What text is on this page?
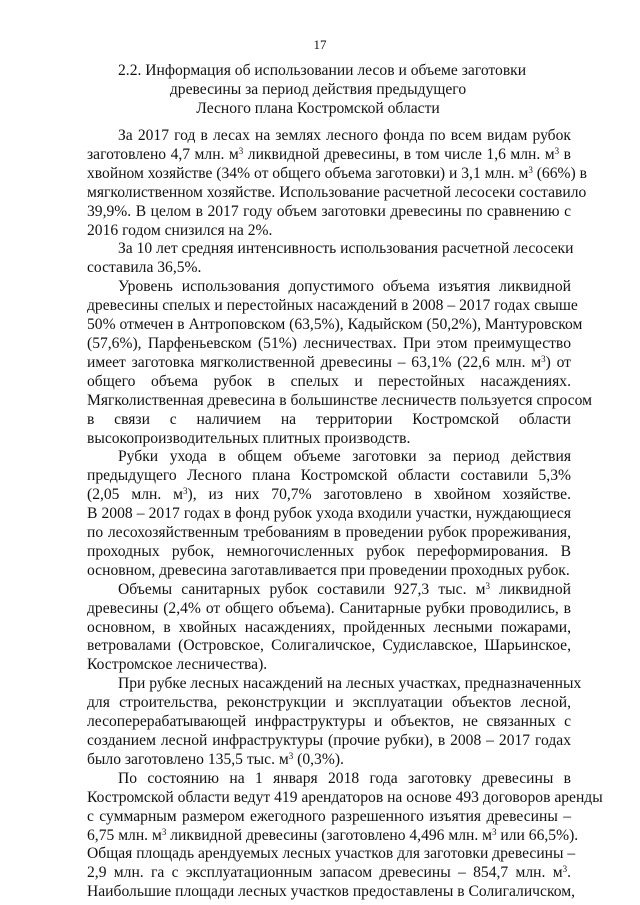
17
2.2. Информация об использовании лесов и объеме заготовки
древесины за период действия предыдущего
Лесного плана Костромской области

За 2017 год в лесах на землях лесного фонда по всем видам рубок
заготовлено 4,7 млн. $м^3$ ликвидной древесины, в том числе 1,6 млн. $м^3$ в
хвойном хозяйстве (34% от общего объема заготовки) и 3,1 млн. $м^3$ (66%) в
мягколиственном хозяйстве. Использование расчетной лесосеки составило
39,9%. В целом в 2017 году объем заготовки древесины по сравнению с
2016 годом снизился на 2%.

За 10 лет средняя интенсивность использования расчетной лесосеки
составила 36,5%.

Уровень использования допустимого объема изъятия ликвидной
древесины спелых и перестойных насаждений в 2008 – 2017 годах свыше
50% отмечен в Антроповском (63,5%), Кадыйском (50,2%), Мантуровском
(57,6%), Парфеньевском (51%) лесничествах. При этом преимущество
имеет заготовка мягколиственной древесины – 63,1% (22,6 млн. $м^3$) от
общего объема рубок в спелых и перестойных насаждениях.
Мягколиственная древесина в большинстве лесничеств пользуется спросом
в связи с наличием на территории Костромской области
высокопроизводительных плитных производств.

Рубки ухода в общем объеме заготовки за период действия
предыдущего Лесного плана Костромской области составили 5,3%
(2,05 млн. $м^3$), из них 70,7% заготовлено в хвойном хозяйстве.
В 2008 – 2017 годах в фонд рубок ухода входили участки, нуждающиеся
по лесохозяйственным требованиям в проведении рубок прореживания,
проходных рубок, немногочисленных рубок переформирования. В
основном, древесина заготавливается при проведении проходных рубок.

Объемы санитарных рубок составили 927,3 тыс. $м^3$ ликвидной
древесины (2,4% от общего объема). Санитарные рубки проводились, в
основном, в хвойных насаждениях, пройденных лесными пожарами,
ветровалами (Островское, Солигаличское, Судиславское, Шарьинское,
Костромское лесничества).

При рубке лесных насаждений на лесных участках, предназначенных
для строительства, реконструкции и эксплуатации объектов лесной,
лесоперерабатывающей инфраструктуры и объектов, не связанных с
созданием лесной инфраструктуры (прочие рубки), в 2008 – 2017 годах
было заготовлено 135,5 тыс. $м^3$ (0,3%).

По состоянию на 1 января 2018 года заготовку древесины в
Костромской области ведут 419 арендаторов на основе 493 договоров аренды
с суммарным размером ежегодного разрешенного изъятия древесины –
6,75 млн. $м^3$ ликвидной древесины (заготовлено 4,496 млн. $м^3$ или 66,5%).
Общая площадь арендуемых лесных участков для заготовки древесины –
2,9 млн. га с эксплуатационным запасом древесины – 854,7 млн. $м^3$.
Наибольшие площади лесных участков предоставлены в Солигаличском,
